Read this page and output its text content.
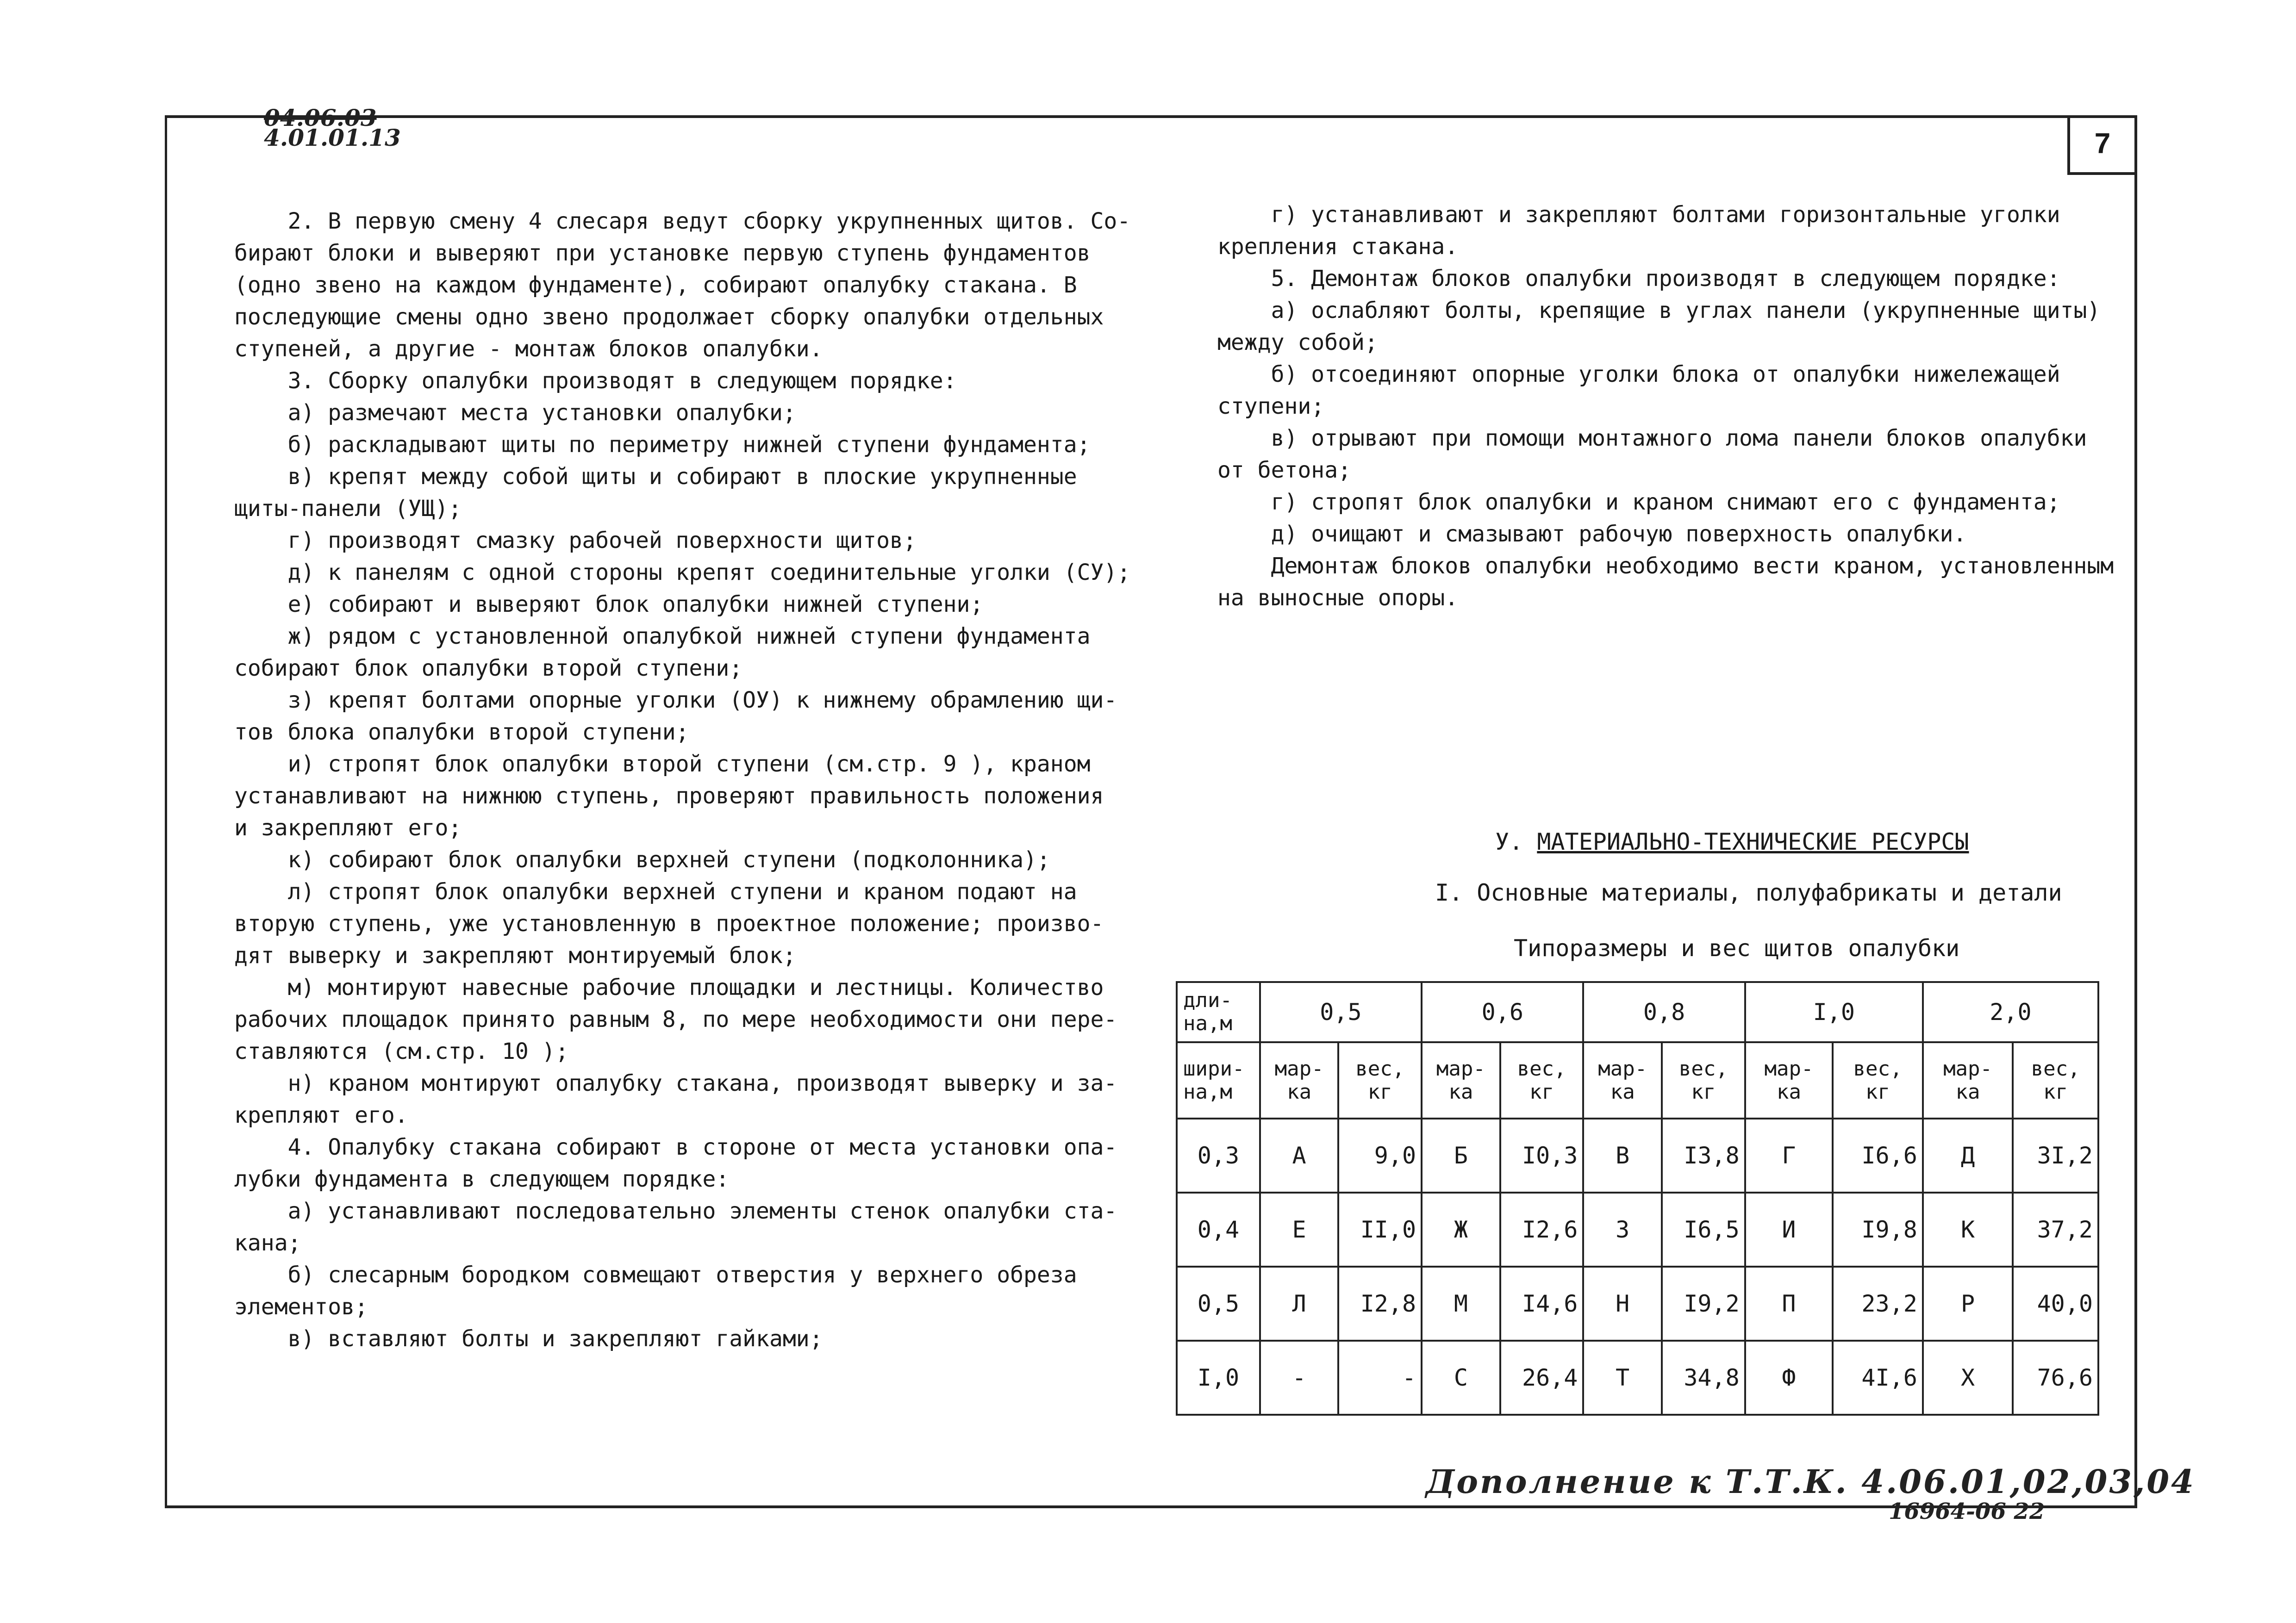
04.06.03
4.01.01.13	7

2. В первую смену 4 слесаря ведут сборку укрупненных щитов. Со-

бирают блоки и выверяют при установке первую ступень фундаментов

(одно звено на каждом фундаменте), собирают опалубку стакана. В

последующие смены одно звено продолжает сборку опалубки отдельных

ступеней, а другие - монтаж блоков опалубки.

3. Сборку опалубки производят в следующем порядке:

а) размечают места установки опалубки;

б) раскладывают щиты по периметру нижней ступени фундамента;

в) крепят между собой щиты и собирают в плоские укрупненные

щиты-панели (УЩ);

г) производят смазку рабочей поверхности щитов;

д) к панелям с одной стороны крепят соединительные уголки (СУ);

е) собирают и выверяют блок опалубки нижней ступени;

ж) рядом с установленной опалубкой нижней ступени фундамента

собирают блок опалубки второй ступени;

з) крепят болтами опорные уголки (ОУ) к нижнему обрамлению щи-

тов блока опалубки второй ступени;

и) стропят блок опалубки второй ступени (см.стр. 9 ), краном

устанавливают на нижнюю ступень, проверяют правильность положения

и закрепляют его;

к) собирают блок опалубки верхней ступени (подколонника);

л) стропят блок опалубки верхней ступени и краном подают на

вторую ступень, уже установленную в проектное положение; произво-

дят выверку и закрепляют монтируемый блок;

м) монтируют навесные рабочие площадки и лестницы. Количество

рабочих площадок принято равным 8, по мере необходимости они пере-

ставляются (см.стр. 10 );

н) краном монтируют опалубку стакана, производят выверку и за-

крепляют его.

4. Опалубку стакана собирают в стороне от места установки опа-

лубки фундамента в следующем порядке:

а) устанавливают последовательно элементы стенок опалубки ста-

кана;

б) слесарным бородком совмещают отверстия у верхнего обреза

элементов;

в) вставляют болты и закрепляют гайками;

г) устанавливают и закрепляют болтами горизонтальные уголки

крепления стакана.

5. Демонтаж блоков опалубки производят в следующем порядке:

а) ослабляют болты, крепящие в углах панели (укрупненные щиты)

между собой;

б) отсоединяют опорные уголки блока от опалубки нижележащей

ступени;

в) отрывают при помощи монтажного лома панели блоков опалубки

от бетона;

г) стропят блок опалубки и краном снимают его с фундамента;

д) очищают и смазывают рабочую поверхность опалубки.

Демонтаж блоков опалубки необходимо вести краном, установленным

на выносные опоры.

У. МАТЕРИАЛЬНО-ТЕХНИЧЕСКИЕ РЕСУРСЫ
I. Основные материалы, полуфабрикаты и детали
Типоразмеры и вес щитов опалубки
дли-
на,м	0,5		0,6		0,8		I,0		2,0	
шири-
на,м	мар-
ка	вес,
кг	мар-
ка	вес,
кг	мар-
ка	вес,
кг	мар-
ка	вес,
кг	мар-
ка	вес,
кг
0,3	А	9,0	Б	I0,3	В	I3,8	Г	I6,6	Д	3I,2
0,4	Е	II,0	Ж	I2,6	З	I6,5	И	I9,8	К	37,2
0,5	Л	I2,8	М	I4,6	Н	I9,2	П	23,2	Р	40,0
I,0	-	-	С	26,4	Т	34,8	Ф	4I,6	Х	76,6
Дополнение к Т.Т.К. 4.06.01,02,03,04
16964-06 22
